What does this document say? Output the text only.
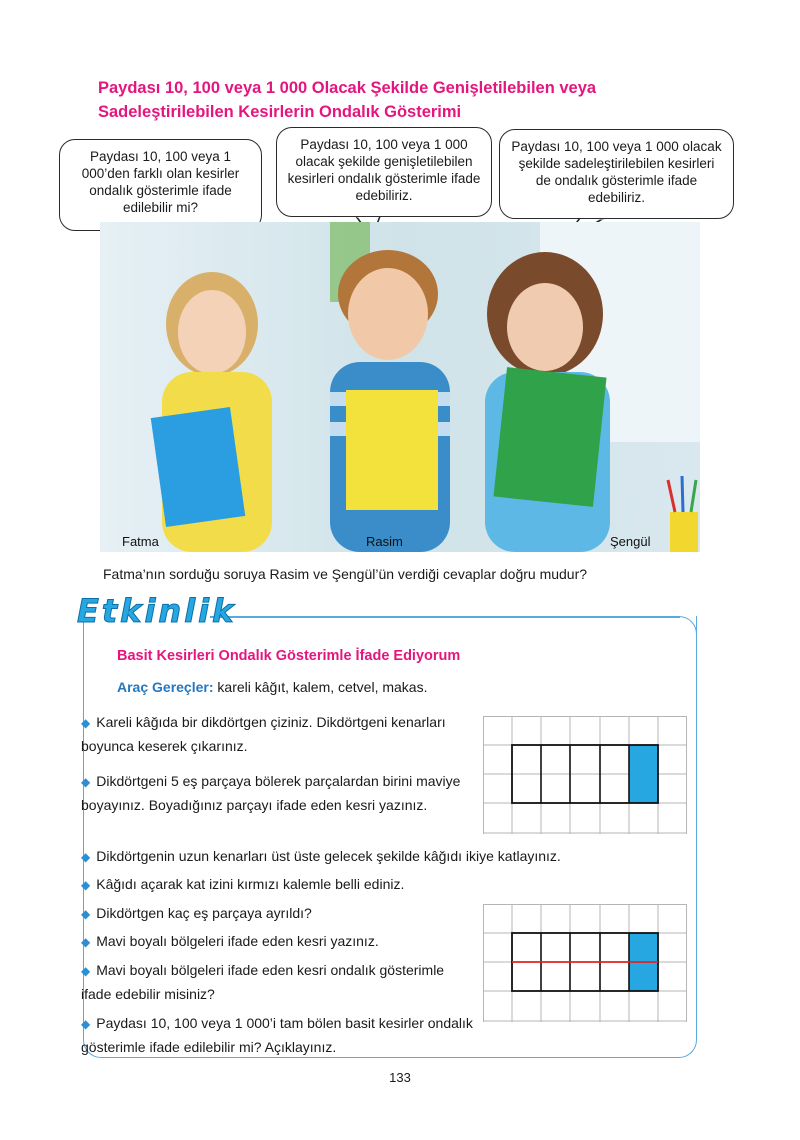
Paydası 10, 100 veya 1 000 Olacak Şekilde Genişletilebilen veya Sadeleştirilebilen Kesirlerin Ondalık Gösterimi
Paydası 10, 100 veya 1 000’den farklı olan kesirler ondalık gösterimle ifade edilebilir mi?
Paydası 10, 100 veya 1 000 olacak şekilde genişletilebilen kesirleri ondalık gösterimle ifade edebiliriz.
Paydası 10, 100 veya 1 000 olacak şekilde sadeleştirilebilen kesirleri de ondalık gösterimle ifade edebiliriz.
Fatma	Rasim	Şengül
Fatma’nın sorduğu soruya Rasim ve Şengül’ün verdiği cevaplar doğru mudur?
Etkinlik
Basit Kesirleri Ondalık Gösterimle İfade Ediyorum
Araç Gereçler: kareli kâğıt, kalem, cetvel, makas.
◆ Kareli kâğıda bir dikdörtgen çiziniz. Dikdörtgeni kenarları boyunca keserek çıkarınız.
◆ Dikdörtgeni 5 eş parçaya bölerek parçalardan birini maviye boyayınız. Boyadığınız parçayı ifade eden kesri yazınız.
◆ Dikdörtgenin uzun kenarları üst üste gelecek şekilde kâğıdı ikiye katlayınız.
◆ Kâğıdı açarak kat izini kırmızı kalemle belli ediniz.
◆ Dikdörtgen kaç eş parçaya ayrıldı?
◆ Mavi boyalı bölgeleri ifade eden kesri yazınız.
◆ Mavi boyalı bölgeleri ifade eden kesri ondalık gösterimle ifade edebilir misiniz?
◆ Paydası 10, 100 veya 1 000’i tam bölen basit kesirler ondalık gösterimle ifade edilebilir mi? Açıklayınız.
133
